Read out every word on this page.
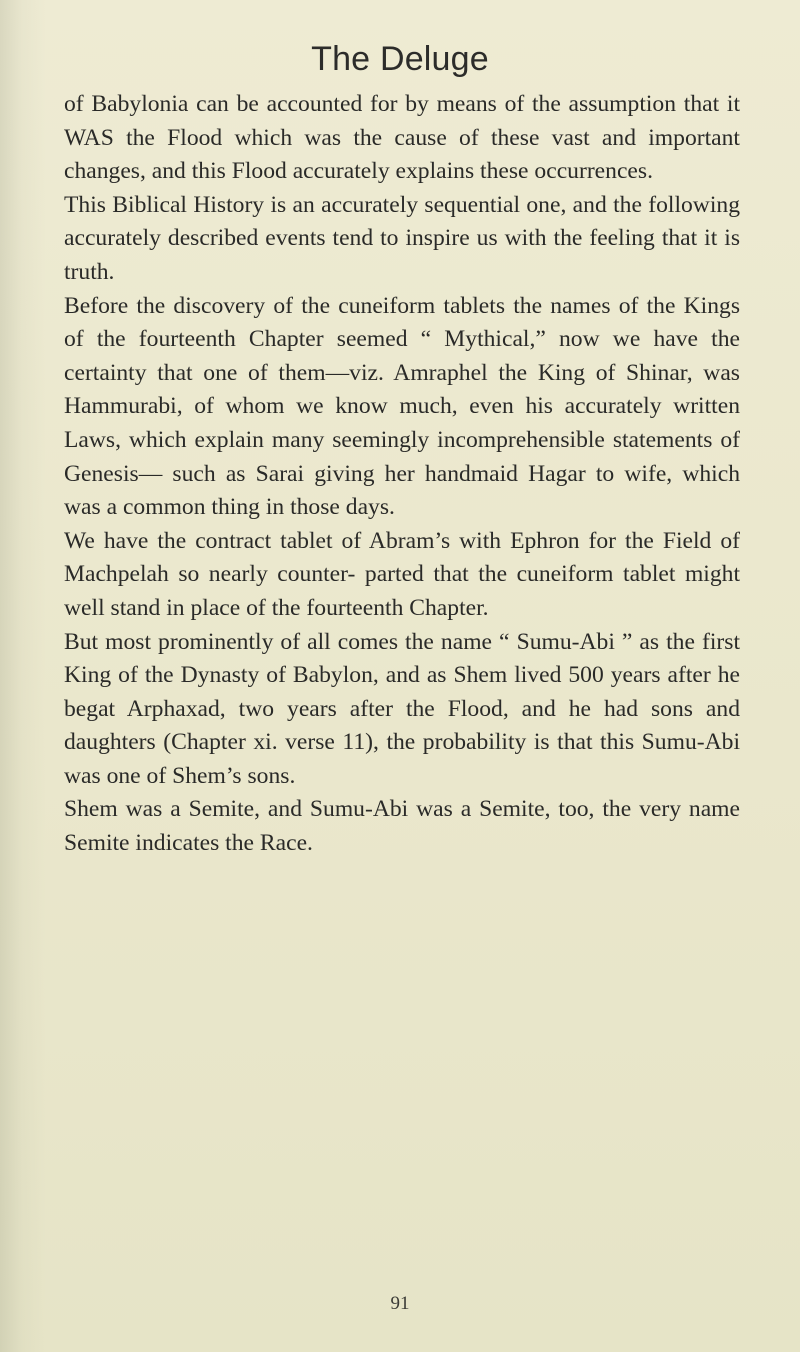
The Deluge

of Babylonia can be accounted for by means of the assumption that it WAS the Flood which was the cause of these vast and important changes, and this Flood accurately explains these occurrences.

This Biblical History is an accurately sequential one, and the following accurately described events tend to inspire us with the feeling that it is truth.

Before the discovery of the cuneiform tablets the names of the Kings of the fourteenth Chapter seemed “ Mythical,” now we have the certainty that one of them—viz. Amraphel the King of Shinar, was Hammurabi, of whom we know much, even his accurately written Laws, which explain many seemingly incomprehensible statements of Genesis— such as Sarai giving her handmaid Hagar to wife, which was a common thing in those days.

We have the contract tablet of Abram’s with Ephron for the Field of Machpelah so nearly counter- parted that the cuneiform tablet might well stand in place of the fourteenth Chapter.

But most prominently of all comes the name “ Sumu-Abi ” as the first King of the Dynasty of Babylon, and as Shem lived 500 years after he begat Arphaxad, two years after the Flood, and he had sons and daughters (Chapter xi. verse 11), the probability is that this Sumu-Abi was one of Shem’s sons.

Shem was a Semite, and Sumu-Abi was a Semite, too, the very name Semite indicates the Race.

91
